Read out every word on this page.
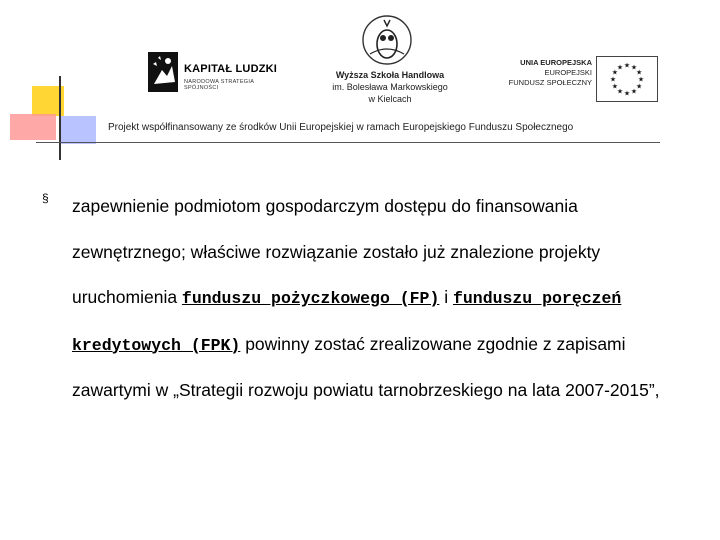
KAPITAŁ LUDZKI
NARODOWA STRATEGIA SPÓJNOŚCI
Wyższa Szkoła Handlowa
im. Bolesława Markowskiego
w Kielcach
UNIA EUROPEJSKA
EUROPEJSKI
FUNDUSZ SPOŁECZNY	★
★
★
★
★
★
★
★
★ ★ ★
★
Projekt współfinansowany ze środków Unii Europejskiej w ramach Europejskiego Funduszu Społecznego
§ zapewnienie podmiotom gospodarczym dostępu do finansowania zewnętrznego; właściwe rozwiązanie zostało już znalezione projekty uruchomienia funduszu pożyczkowego (FP) i funduszu poręczeń kredytowych (FPK) powinny zostać zrealizowane zgodnie z zapisami zawartymi w „Strategii rozwoju powiatu tarnobrzeskiego na lata 2007-2015”,
